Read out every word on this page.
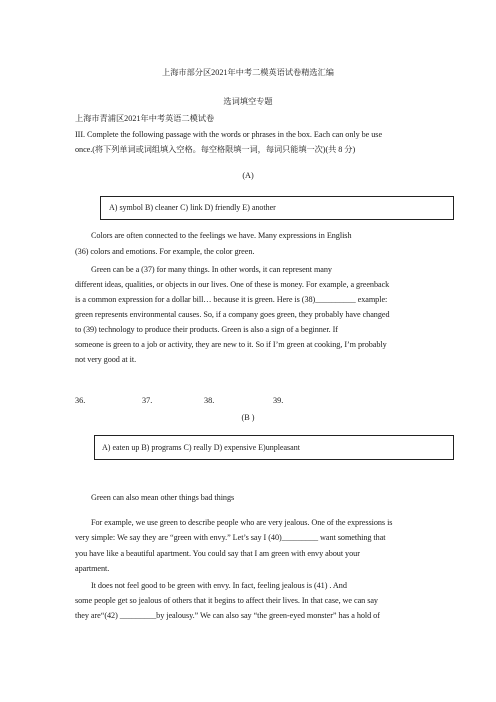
上海市部分区2021年中考二模英语试卷精选汇编
选词填空专题
上海市青浦区2021年中考英语二模试卷
III. Complete the following passage with the words or phrases in the box. Each can only be use
once.(将下列单词或词组填入空格。每空格限填一词，每词只能填一次)(共 8 分)
(A)
A) symbol B) cleaner C) link D) friendly E) another
Colors are often connected to the feelings we have. Many expressions in English
(36) colors and emotions. For example, the color green.
Green can be a (37) for many things. In other words, it can represent many
different ideas, qualities, or objects in our lives. One of these is money. For example, a greenback
is a common expression for a dollar bill… because it is green. Here is (38)__________ example:
green represents environmental causes. So, if a company goes green, they probably have changed
to (39) technology to produce their products. Green is also a sign of a beginner. If
someone is green to a job or activity, they are new to it. So if I’m green at cooking, I’m probably
not very good at it.
36.	37.	38.	39.
(B )
A) eaten up B) programs C) really D) expensive E)unpleasant
Green can also mean other things bad things
For example, we use green to describe people who are very jealous. One of the expressions is
very simple: We say they are “green with envy.” Let’s say I (40)_________ want something that
you have like a beautiful apartment. You could say that I am green with envy about your
apartment.
It does not feel good to be green with envy. In fact, feeling jealous is (41) . And
some people get so jealous of others that it begins to affect their lives. In that case, we can say
they are“(42) _________by jealousy.” We can also say “the green-eyed monster” has a hold of
